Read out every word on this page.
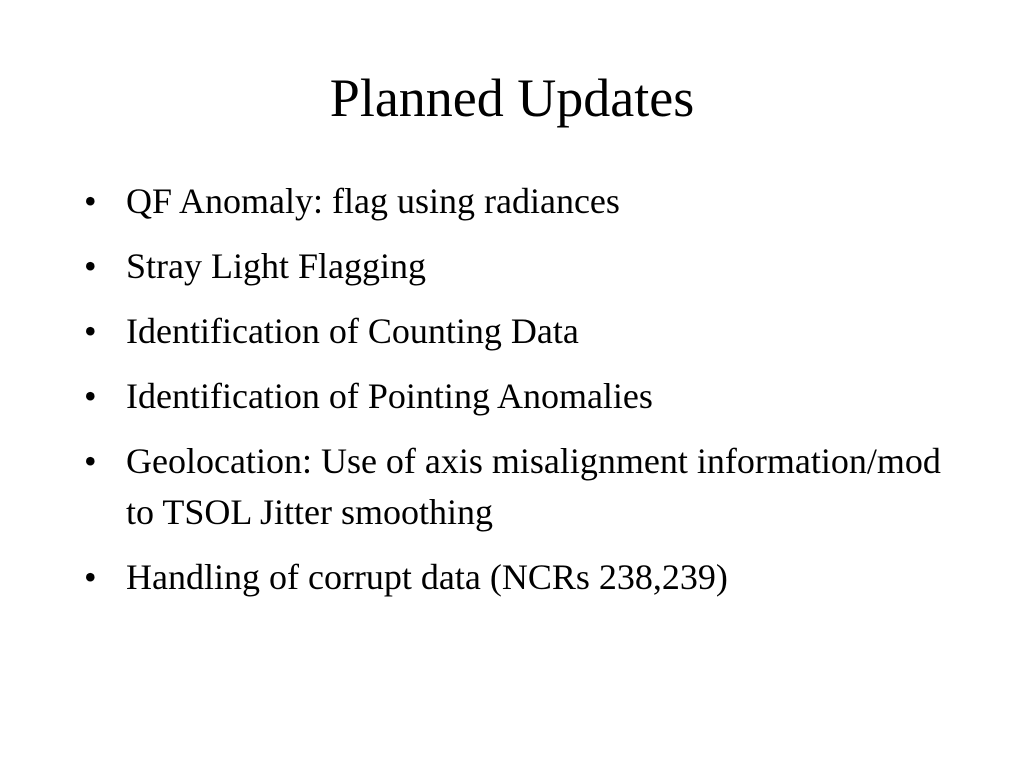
Planned Updates
• QF Anomaly: flag using radiances
• Stray Light Flagging
• Identification of Counting Data
• Identification of Pointing Anomalies
• Geolocation: Use of axis misalignment information/mod to TSOL Jitter smoothing
• Handling of corrupt data (NCRs 238,239)
